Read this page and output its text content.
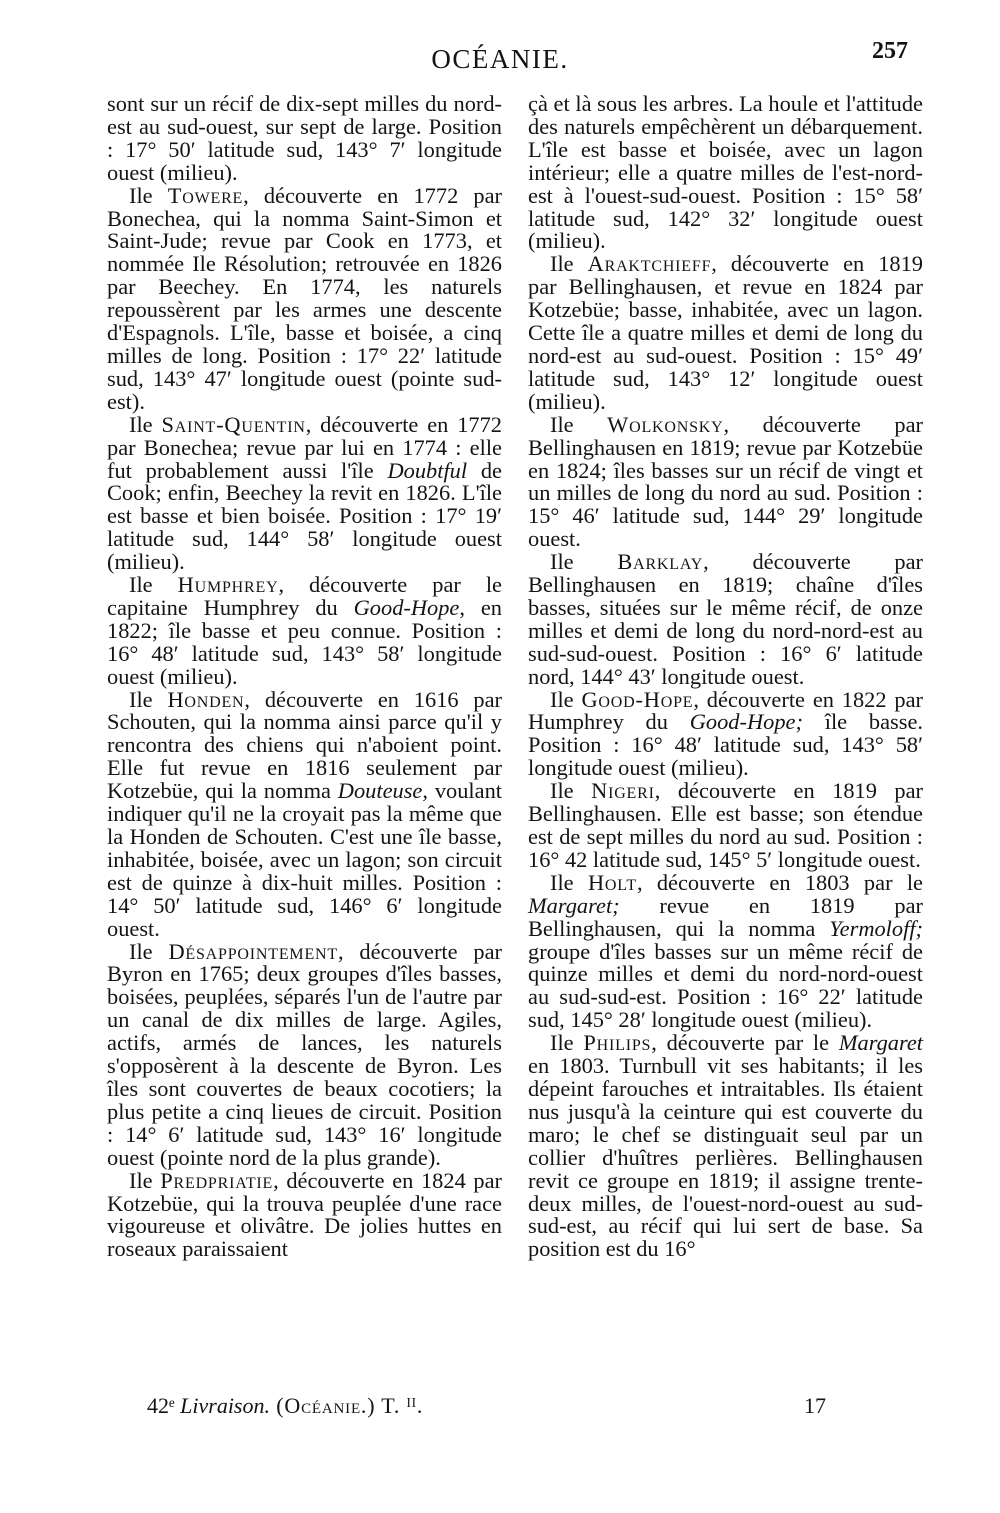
OCÉANIE.	257

sont sur un récif de dix-sept milles du nord-est au sud-ouest, sur sept de large. Position : 17° 50′ latitude sud, 143° 7′ longitude ouest (milieu).

Ile Towere, découverte en 1772 par Bonechea, qui la nomma Saint-Simon et Saint-Jude; revue par Cook en 1773, et nommée Ile Résolution; retrouvée en 1826 par Beechey. En 1774, les naturels repoussèrent par les armes une descente d'Espagnols. L'île, basse et boisée, a cinq milles de long. Position : 17° 22′ latitude sud, 143° 47′ longitude ouest (pointe sud-est).

Ile Saint-Quentin, découverte en 1772 par Bonechea; revue par lui en 1774 : elle fut probablement aussi l'île Doubtful de Cook; enfin, Beechey la revit en 1826. L'île est basse et bien boisée. Position : 17° 19′ latitude sud, 144° 58′ longitude ouest (milieu).

Ile Humphrey, découverte par le capitaine Humphrey du Good-Hope, en 1822; île basse et peu connue. Position : 16° 48′ latitude sud, 143° 58′ longitude ouest (milieu).

Ile Honden, découverte en 1616 par Schouten, qui la nomma ainsi parce qu'il y rencontra des chiens qui n'aboient point. Elle fut revue en 1816 seulement par Kotzebüe, qui la nomma Douteuse, voulant indiquer qu'il ne la croyait pas la même que la Honden de Schouten. C'est une île basse, inhabitée, boisée, avec un lagon; son circuit est de quinze à dix-huit milles. Position : 14° 50′ latitude sud, 146° 6′ longitude ouest.

Ile Désappointement, découverte par Byron en 1765; deux groupes d'îles basses, boisées, peuplées, séparés l'un de l'autre par un canal de dix milles de large. Agiles, actifs, armés de lances, les naturels s'opposèrent à la descente de Byron. Les îles sont couvertes de beaux cocotiers; la plus petite a cinq lieues de circuit. Position : 14° 6′ latitude sud, 143° 16′ longitude ouest (pointe nord de la plus grande).

Ile Predpriatie, découverte en 1824 par Kotzebüe, qui la trouva peuplée d'une race vigoureuse et olivâtre. De jolies huttes en roseaux paraissaient

çà et là sous les arbres. La houle et l'attitude des naturels empêchèrent un débarquement. L'île est basse et boisée, avec un lagon intérieur; elle a quatre milles de l'est-nord-est à l'ouest-sud-ouest. Position : 15° 58′ latitude sud, 142° 32′ longitude ouest (milieu).

Ile Araktchieff, découverte en 1819 par Bellinghausen, et revue en 1824 par Kotzebüe; basse, inhabitée, avec un lagon. Cette île a quatre milles et demi de long du nord-est au sud-ouest. Position : 15° 49′ latitude sud, 143° 12′ longitude ouest (milieu).

Ile Wolkonsky, découverte par Bellinghausen en 1819; revue par Kotzebüe en 1824; îles basses sur un récif de vingt et un milles de long du nord au sud. Position : 15° 46′ latitude sud, 144° 29′ longitude ouest.

Ile Barklay, découverte par Bellinghausen en 1819; chaîne d'îles basses, situées sur le même récif, de onze milles et demi de long du nord-nord-est au sud-sud-ouest. Position : 16° 6′ latitude nord, 144° 43′ longitude ouest.

Ile Good-Hope, découverte en 1822 par Humphrey du Good-Hope; île basse. Position : 16° 48′ latitude sud, 143° 58′ longitude ouest (milieu).

Ile Nigeri, découverte en 1819 par Bellinghausen. Elle est basse; son étendue est de sept milles du nord au sud. Position : 16° 42 latitude sud, 145° 5′ longitude ouest.

Ile Holt, découverte en 1803 par le Margaret; revue en 1819 par Bellinghausen, qui la nomma Yermoloff; groupe d'îles basses sur un même récif de quinze milles et demi du nord-nord-ouest au sud-sud-est. Position : 16° 22′ latitude sud, 145° 28′ longitude ouest (milieu).

Ile Philips, découverte par le Margaret en 1803. Turnbull vit ses habitants; il les dépeint farouches et intraitables. Ils étaient nus jusqu'à la ceinture qui est couverte du maro; le chef se distinguait seul par un collier d'huîtres perlières. Bellinghausen revit ce groupe en 1819; il assigne trente-deux milles, de l'ouest-nord-ouest au sud-sud-est, au récif qui lui sert de base. Sa position est du 16°

42ᵉ Livraison. (Océanie.) T. ᴵᴵ.	17
